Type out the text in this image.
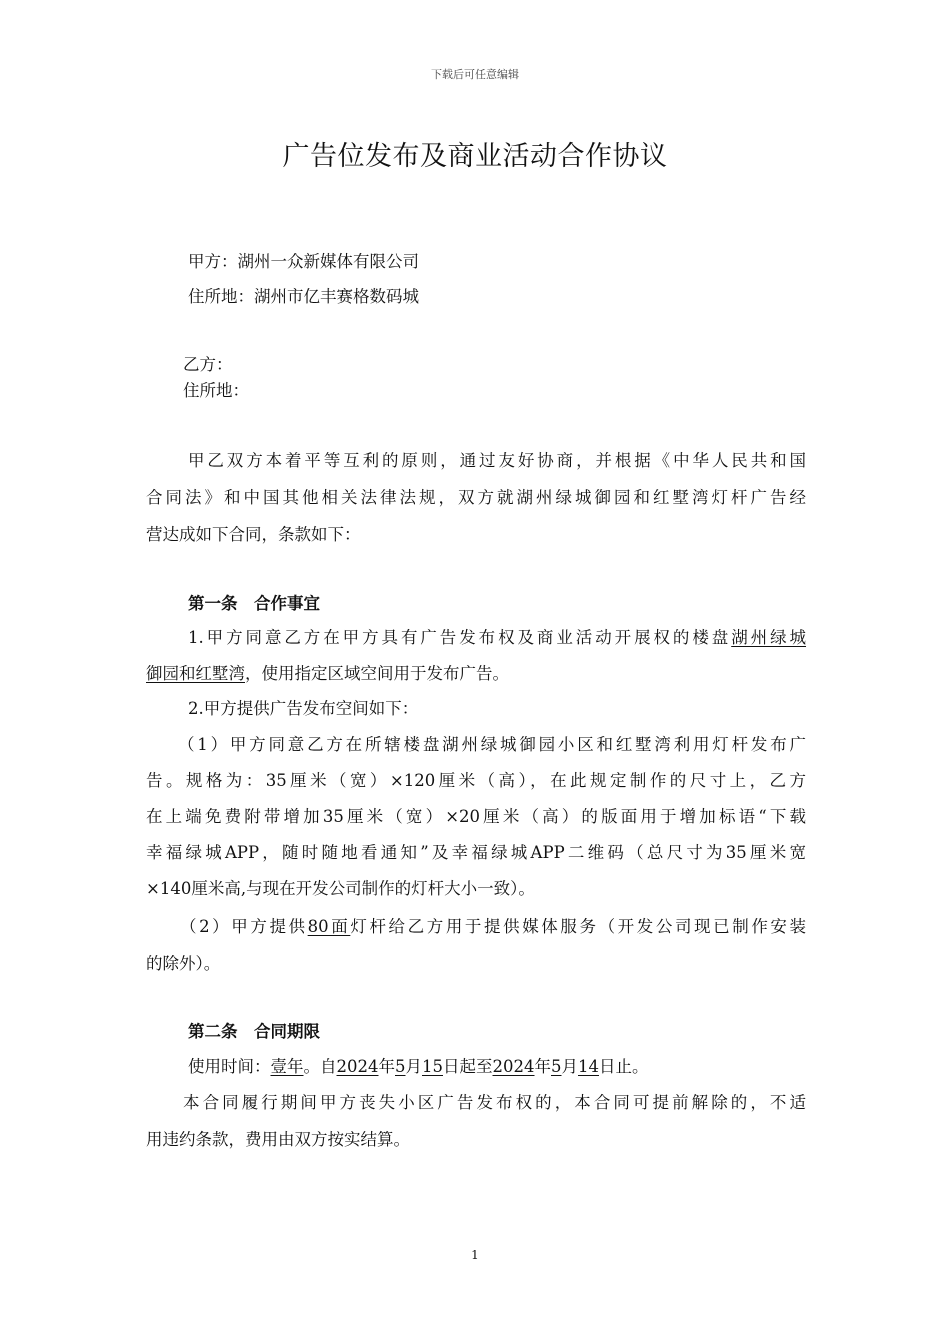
下载后可任意编辑
广告位发布及商业活动合作协议
甲方：湖州一众新媒体有限公司
住所地：湖州市亿丰赛格数码城
乙方：
住所地：
甲乙双方本着平等互利的原则，通过友好协商，并根据《中华人民共和国
合同法》和中国其他相关法律法规，双方就湖州绿城御园和红墅湾灯杆广告经
营达成如下合同，条款如下：
第一条　合作事宜
1.甲方同意乙方在甲方具有广告发布权及商业活动开展权的楼盘湖州绿城
御园和红墅湾，使用指定区域空间用于发布广告。
2.甲方提供广告发布空间如下：
（1）甲方同意乙方在所辖楼盘湖州绿城御园小区和红墅湾利用灯杆发布广
告。规格为：35厘米（宽）×120厘米（高），在此规定制作的尺寸上，乙方
在上端免费附带增加35厘米（宽）×20厘米（高）的版面用于增加标语“下载
幸福绿城APP，随时随地看通知”及幸福绿城APP二维码（总尺寸为35厘米宽
×140厘米高,与现在开发公司制作的灯杆大小一致）。
（2）甲方提供80面灯杆给乙方用于提供媒体服务（开发公司现已制作安装
的除外）。
第二条　合同期限
使用时间：壹年。自2024年5月15日起至2024年5月14日止。
本合同履行期间甲方丧失小区广告发布权的，本合同可提前解除的，不适
用违约条款，费用由双方按实结算。
1
